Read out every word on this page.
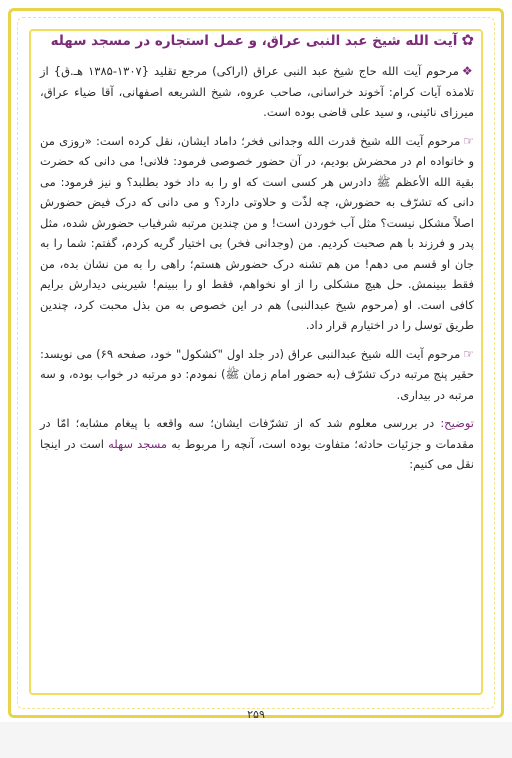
✿آیت الله شیخ عبد النبی عراق، و عمل استجاره در مسجد سهله

❖مرحوم آیت الله حاج شیخ عبد النبی عراق (اراکی) مرجع تقلید {۱۳۰۷-۱۳۸۵ هـ.ق} از تلامذه آیات کرام: آخوند خراسانی، صاحب عروه، شیخ الشریعه اصفهانی، آقا ضیاء عراق، میرزای نائینی، و سید علی قاضی بوده است.

☞مرحوم آیت الله شیخ قدرت الله وجدانی فخر؛ داماد ایشان، نقل کرده است: «روزی من و خانواده ام در محضرش بودیم، در آن حضور خصوصی فرمود: فلانی! می دانی که حضرت بقیة الله الأعظم ﷺ دادرس هر کسی است که او را به داد خود بطلبد؟ و نیز فرمود: می دانی که تشرّف به حضورش، چه لذّت و حلاوتی دارد؟ و می دانی که درک فیض حضورش اصلاً مشکل نیست؟ مثل آب خوردن است! و من چندین مرتبه شرفیاب حضورش شده، مثل پدر و فرزند با هم صحبت کردیم. من (وجدانی فخر) بی اختیار گریه کردم، گفتم: شما را به جان او قسم می دهم! من هم تشنه درک حضورش هستم؛ راهی را به من نشان بده، من فقط ببینمش. حل هیچ مشکلی را از او نخواهم، فقط او را ببینم! شیرینی دیدارش برایم کافی است. او (مرحوم شیخ عبدالنبی) هم در این خصوص به من بذل محبت کرد، چندین طریق توسل را در اختیارم قرار داد.

☞مرحوم آیت الله شیخ عبدالنبی عراق (در جلد اول "کشکول" خود، صفحه ۶۹) می نویسد: حقیر پنج مرتبه درک تشرّف (به حضور امام زمان ﷺ) نمودم: دو مرتبه در خواب بوده، و سه مرتبه در بیداری.

توضیح: در بررسی معلوم شد که از تشرّفات ایشان؛ سه واقعه با پیغام مشابه؛ امّا در مقدمات و جزئیات حادثه؛ متفاوت بوده است، آنچه را مربوط به مسجد سهله است در اینجا نقل می کنیم:

۲۵۹
